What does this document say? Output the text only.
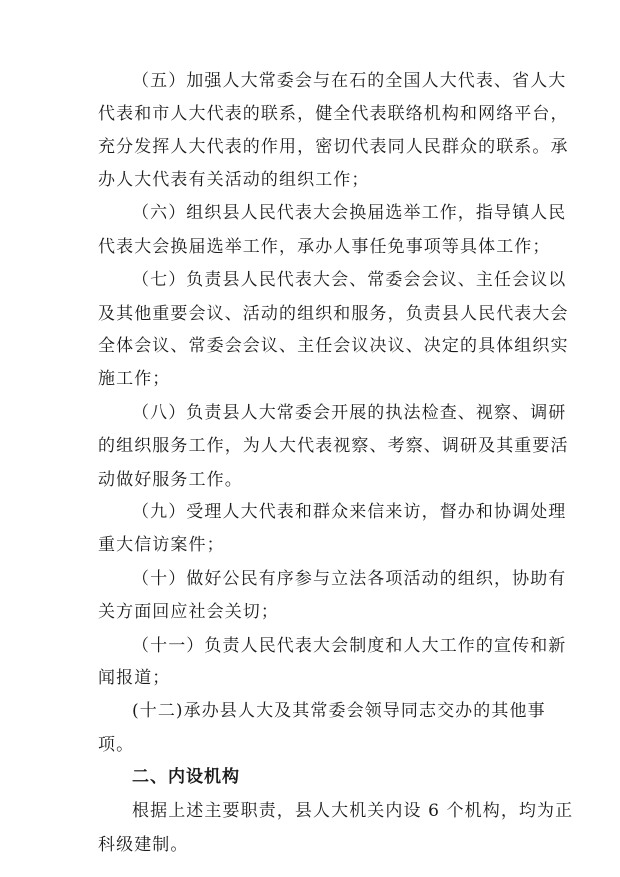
（五）加强人大常委会与在石的全国人大代表、省人大
代表和市人大代表的联系，健全代表联络机构和网络平台，
充分发挥人大代表的作用，密切代表同人民群众的联系。承
办人大代表有关活动的组织工作；
（六）组织县人民代表大会换届选举工作，指导镇人民
代表大会换届选举工作，承办人事任免事项等具体工作；
（七）负责县人民代表大会、常委会会议、主任会议以
及其他重要会议、活动的组织和服务，负责县人民代表大会
全体会议、常委会会议、主任会议决议、决定的具体组织实
施工作；
（八）负责县人大常委会开展的执法检查、视察、调研
的组织服务工作，为人大代表视察、考察、调研及其重要活
动做好服务工作。
（九）受理人大代表和群众来信来访，督办和协调处理
重大信访案件；
（十）做好公民有序参与立法各项活动的组织，协助有
关方面回应社会关切；
（十一）负责人民代表大会制度和人大工作的宣传和新
闻报道；
(十二)承办县人大及其常委会领导同志交办的其他事
项。
二、内设机构
根据上述主要职责，县人大机关内设 6 个机构，均为正
科级建制。
